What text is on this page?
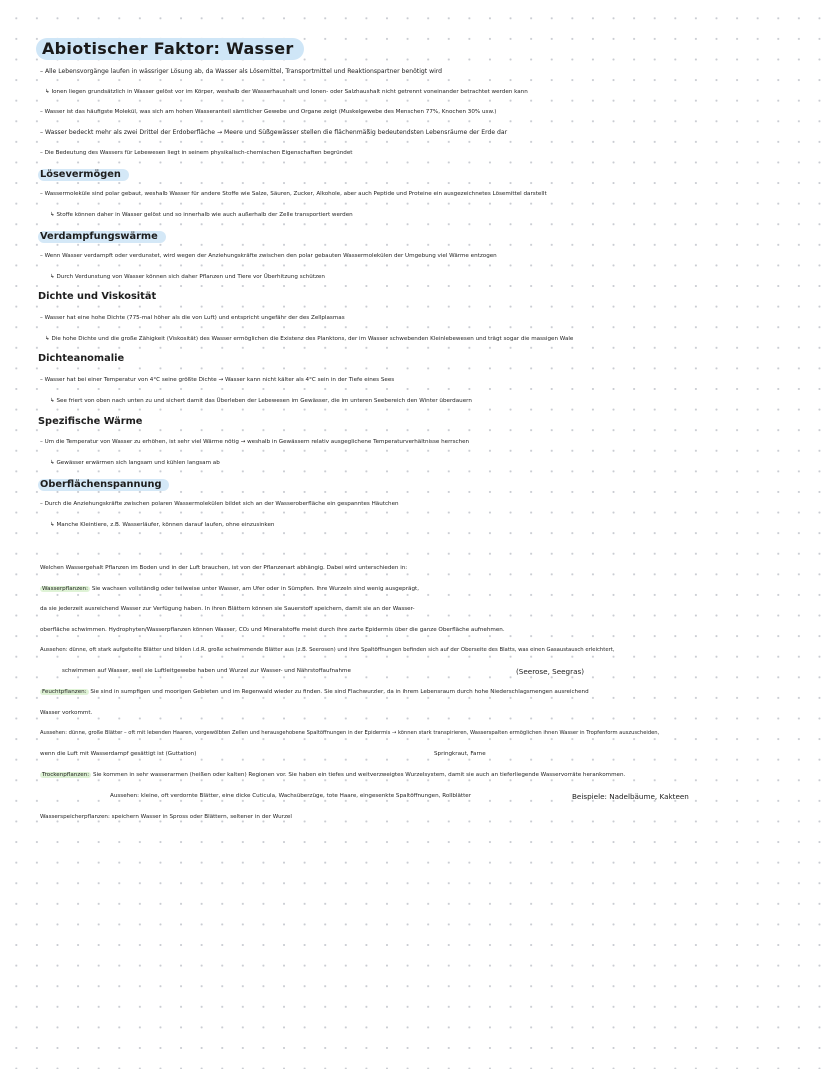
Abiotischer Faktor: Wasser
– Alle Lebensvorgänge laufen in wässriger Lösung ab, da Wasser als Lösemittel, Transportmittel und Reaktionspartner benötigt wird
↳ Ionen liegen grundsätzlich in Wasser gelöst vor im Körper, weshalb der Wasserhaushalt und Ionen- oder Salzhaushalt nicht getrennt voneinander betrachtet werden kann
– Wasser ist das häufigste Molekül, was sich am hohen Wasseranteil sämtlicher Gewebe und Organe zeigt (Muskelgewebe des Menschen 77%, Knochen 30% usw.)
– Wasser bedeckt mehr als zwei Drittel der Erdoberfläche → Meere und Süßgewässer stellen die flächenmäßig bedeutendsten Lebensräume der Erde dar
– Die Bedeutung des Wassers für Lebewesen liegt in seinem physikalisch-chemischen Eigenschaften begründet
Lösevermögen
– Wassermoleküle sind polar gebaut, weshalb Wasser für andere Stoffe wie Salze, Säuren, Zucker, Alkohole, aber auch Peptide und Proteine ein ausgezeichnetes Lösemittel darstellt
↳ Stoffe können daher in Wasser gelöst und so innerhalb wie auch außerhalb der Zelle transportiert werden
Verdampfungswärme
– Wenn Wasser verdampft oder verdunstet, wird wegen der Anziehungskräfte zwischen den polar gebauten Wassermolekülen der Umgebung viel Wärme entzogen
↳ Durch Verdunstung von Wasser können sich daher Pflanzen und Tiere vor Überhitzung schützen
Dichte und Viskosität
– Wasser hat eine hohe Dichte (775-mal höher als die von Luft) und entspricht ungefähr der des Zellplasmas
↳ Die hohe Dichte und die große Zähigkeit (Viskosität) des Wasser ermöglichen die Existenz des Planktons, der im Wasser schwebenden Kleinlebewesen und trägt sogar die massigen Wale
Dichteanomalie
– Wasser hat bei einer Temperatur von 4°C seine größte Dichte → Wasser kann nicht kälter als 4°C sein in der Tiefe eines Sees
↳ See friert von oben nach unten zu und sichert damit das Überleben der Lebewesen im Gewässer, die im unteren Seebereich den Winter überdauern
Spezifische Wärme
– Um die Temperatur von Wasser zu erhöhen, ist sehr viel Wärme nötig → weshalb in Gewässern relativ ausgeglichene Temperaturverhältnisse herrschen
↳ Gewässer erwärmen sich langsam und kühlen langsam ab
Oberflächenspannung
– Durch die Anziehungskräfte zwischen polaren Wassermolekülen bildet sich an der Wasseroberfläche ein gespanntes Häutchen
↳ Manche Kleintiere, z.B. Wasserläufer, können darauf laufen, ohne einzusinken
Welchen Wassergehalt Pflanzen im Boden und in der Luft brauchen, ist von der Pflanzenart abhängig. Dabei wird unterschieden in:
Wasserpflanzen: Sie wachsen vollständig oder teilweise unter Wasser, am Ufer oder in Sümpfen. Ihre Wurzeln sind wenig ausgeprägt,
da sie jederzeit ausreichend Wasser zur Verfügung haben. In ihren Blättern können sie Sauerstoff speichern, damit sie an der Wasser-
oberfläche schwimmen. Hydrophyten/Wasserpflanzen können Wasser, CO₂ und Mineralstoffe meist durch ihre zarte Epidermis über die ganze Oberfläche aufnehmen.
Aussehen: dünne, oft stark aufgeteilte Blätter und bilden i.d.R. große schwimmende Blätter aus (z.B. Seerosen) und ihre Spaltöffnungen befinden sich auf der Oberseite des Blatts, was einen Gasaustausch erleichtert,
schwimmen auf Wasser, weil sie Luftleitgewebe haben und Wurzel zur Wasser- und Nährstoffaufnahme	(Seerose, Seegras)
Feuchtpflanzen: Sie sind in sumpfigen und moorigen Gebieten und im Regenwald wieder zu finden. Sie sind Flachwurzler, da in ihrem Lebensraum durch hohe Niederschlagsmengen ausreichend
Wasser vorkommt.
Aussehen: dünne, große Blätter – oft mit lebenden Haaren, vorgewölbten Zellen und herausgehobene Spaltöffnungen in der Epidermis → können stark transpirieren, Wasserspalten ermöglichen ihnen Wasser in Tropfenform auszuscheiden,
wenn die Luft mit Wasserdampf gesättigt ist (Guttation)	Springkraut, Farne
Trockenpflanzen: Sie kommen in sehr wasserarmen (heißen oder kalten) Regionen vor. Sie haben ein tiefes und weitverzweigtes Wurzelsystem, damit sie auch an tieferliegende Wasservorräte herankommen.
Aussehen: kleine, oft verdornte Blätter, eine dicke Cuticula, Wachsüberzüge, tote Haare, eingesenkte Spaltöffnungen, Rollblätter	Beispiele: Nadelbäume, Kakteen
Wasserspeicherpflanzen: speichern Wasser in Spross oder Blättern, seltener in der Wurzel
